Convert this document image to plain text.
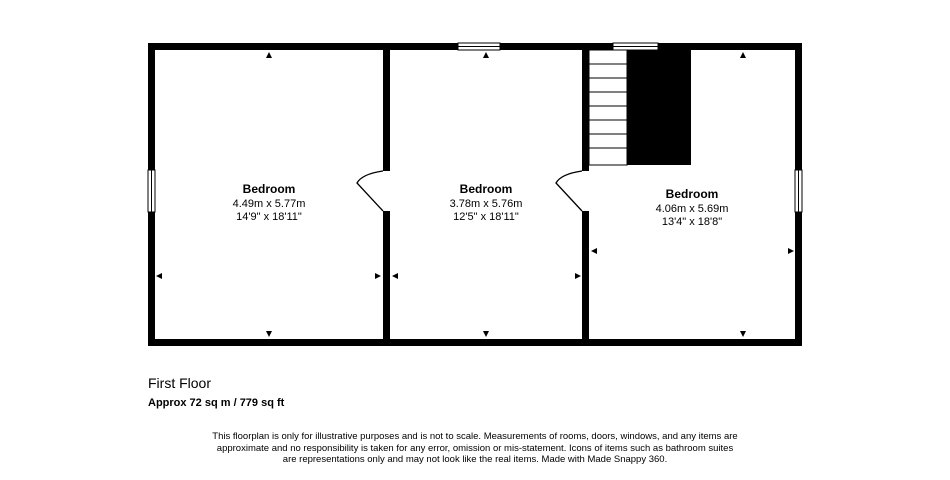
Bedroom
4.49m x 5.77m
14'9" x 18'11"
Bedroom
3.78m x 5.76m
12'5" x 18'11"
Bedroom
4.06m x 5.69m
13'4" x 18'8"
First Floor
Approx 72 sq m / 779 sq ft
This floorplan is only for illustrative purposes and is not to scale. Measurements of rooms, doors, windows, and any items are
approximate and no responsibility is taken for any error, omission or mis-statement. Icons of items such as bathroom suites
are representations only and may not look like the real items. Made with Made Snappy 360.
